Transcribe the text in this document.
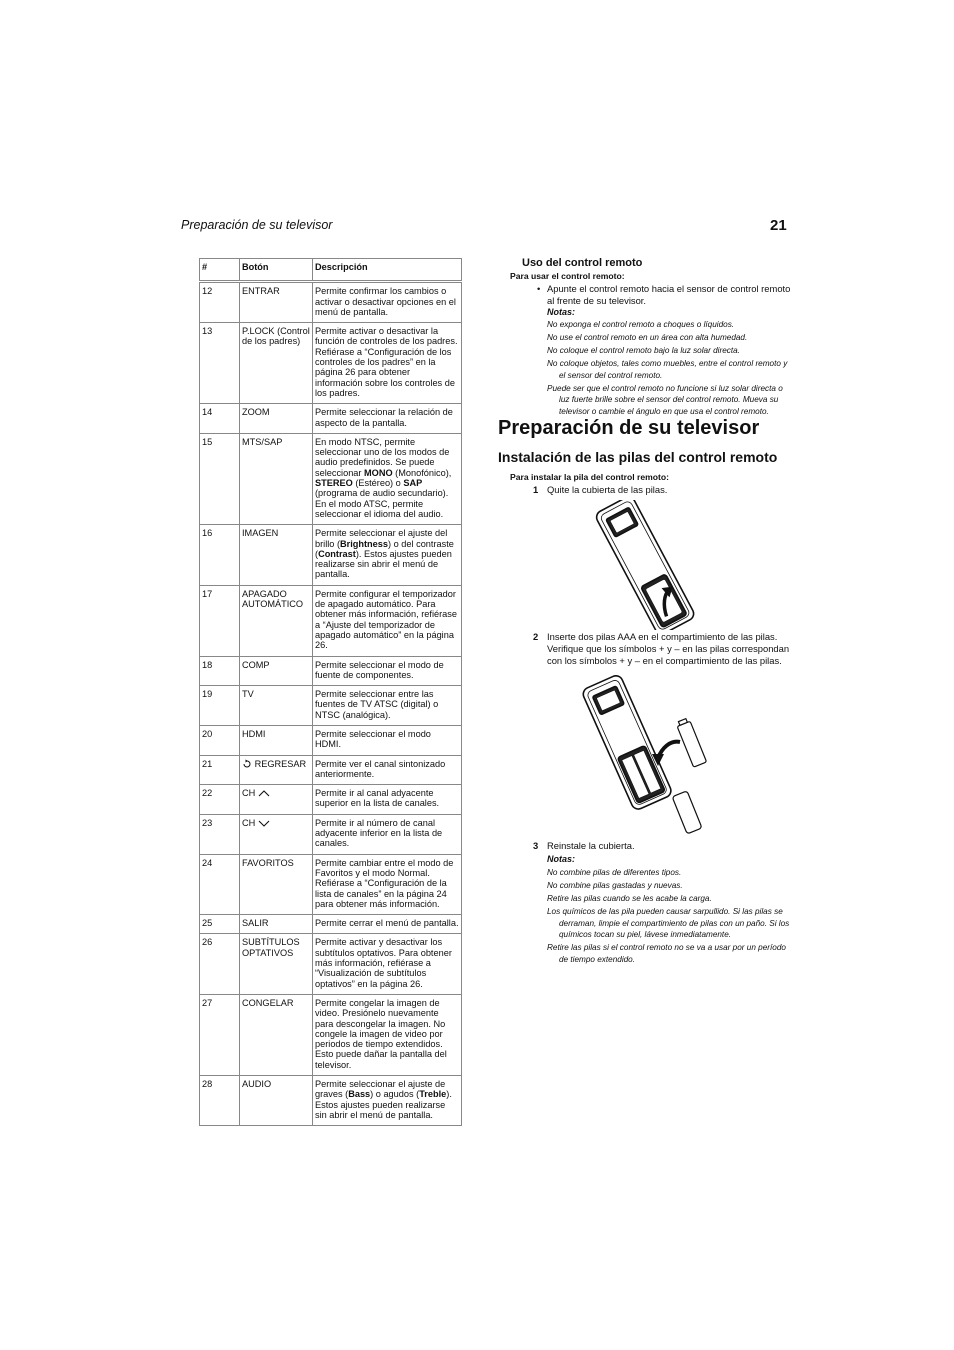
Preparación de su televisor	21
#	Botón	Descripción
12	ENTRAR	Permite confirmar los cambios o activar o desactivar opciones en el menú de pantalla.
13	P.LOCK (Control de los padres)	Permite activar o desactivar la función de controles de los padres. Refiérase a “Configuración de los controles de los padres” en la página 26 para obtener información sobre los controles de los padres.
14	ZOOM	Permite seleccionar la relación de aspecto de la pantalla.
15	MTS/SAP	En modo NTSC, permite seleccionar uno de los modos de audio predefinidos. Se puede seleccionar MONO (Monofónico), STEREO (Estéreo) o SAP (programa de audio secundario). En el modo ATSC, permite seleccionar el idioma del audio.
16	IMAGEN	Permite seleccionar el ajuste del brillo (Brightness) o del contraste (Contrast). Estos ajustes pueden realizarse sin abrir el menú de pantalla.
17	APAGADO AUTOMÁTICO	Permite configurar el temporizador de apagado automático. Para obtener más información, refiérase a “Ajuste del temporizador de apagado automático” en la página 26.
18	COMP	Permite seleccionar el modo de fuente de componentes.
19	TV	Permite seleccionar entre las fuentes de TV ATSC (digital) o NTSC (analógica).
20	HDMI	Permite seleccionar el modo HDMI.
21	REGRESAR	Permite ver el canal sintonizado anteriormente.
22	CH	Permite ir al canal adyacente superior en la lista de canales.
23	CH	Permite ir al número de canal adyacente inferior en la lista de canales.
24	FAVORITOS	Permite cambiar entre el modo de Favoritos y el modo Normal. Refiérase a “Configuración de la lista de canales” en la página 24 para obtener más información.
25	SALIR	Permite cerrar el menú de pantalla.
26	SUBTÍTULOS OPTATIVOS	Permite activar y desactivar los subtítulos optativos. Para obtener más información, refiérase a “Visualización de subtítulos optativos” en la página 26.
27	CONGELAR	Permite congelar la imagen de video. Presiónelo nuevamente para descongelar la imagen. No congele la imagen de video por periodos de tiempo extendidos. Esto puede dañar la pantalla del televisor.
28	AUDIO	Permite seleccionar el ajuste de graves (Bass) o agudos (Treble). Estos ajustes pueden realizarse sin abrir el menú de pantalla.
Uso del control remoto
Para usar el control remoto:
• Apunte el control remoto hacia el sensor de control remoto al frente de su televisor.
Notas:

No exponga el control remoto a choques o líquidos.

No use el control remoto en un área con alta humedad.

No coloque el control remoto bajo la luz solar directa.

No coloque objetos, tales como muebles, entre el control remoto y el sensor del control remoto.

Puede ser que el control remoto no funcione si luz solar directa o luz fuerte brille sobre el sensor del control remoto. Mueva su televisor o cambie el ángulo en que usa el control remoto.

Preparación de su televisor
Instalación de las pilas del control remoto
Para instalar la pila del control remoto:
1 Quite la cubierta de las pilas.
2 Inserte dos pilas AAA en el compartimiento de las pilas. Verifique que los símbolos + y – en las pilas correspondan con los símbolos + y – en el compartimiento de las pilas.
3 Reinstale la cubierta.
Notas:

No combine pilas de diferentes tipos.

No combine pilas gastadas y nuevas.

Retire las pilas cuando se les acabe la carga.

Los químicos de las pila pueden causar sarpullido. Si las pilas se derraman, limpie el compartimiento de pilas con un paño. Si los químicos tocan su piel, lávese inmediatamente.

Retire las pilas si el control remoto no se va a usar por un período de tiempo extendido.
